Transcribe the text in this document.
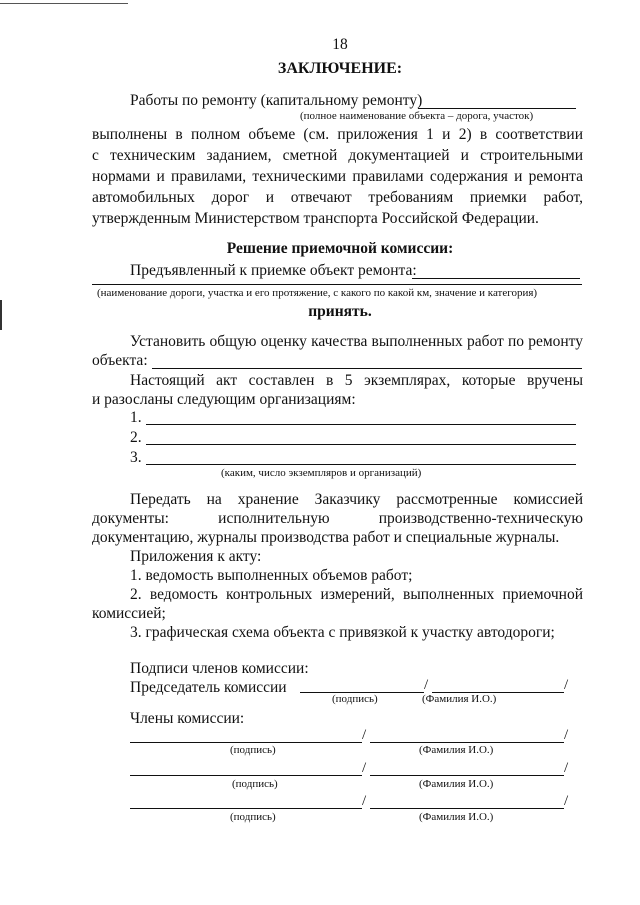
18
ЗАКЛЮЧЕНИЕ:
Работы по ремонту (капитальному ремонту)
(полное наименование объекта – дорога, участок)
выполнены в полном объеме (см. приложения 1 и 2) в соответствии
с техническим заданием, сметной документацией и строительными
нормами и правилами, техническими правилами содержания и ремонта
автомобильных дорог и отвечают требованиям приемки работ,
утвержденным Министерством транспорта Российской Федерации.
Решение приемочной комиссии:
Предъявленный к приемке объект ремонта:
(наименование дороги, участка и его протяжение, с какого по какой км, значение и категория)
принять.
Установить общую оценку качества выполненных работ по ремонту
объекта:
Настоящий акт составлен в 5 экземплярах, которые вручены
и разосланы следующим организациям:
1.
2.
3.
(каким, число экземпляров и организаций)
Передать на хранение Заказчику рассмотренные комиссией
документы: исполнительную производственно-техническую
документацию, журналы производства работ и специальные журналы.
Приложения к акту:
1. ведомость выполненных объемов работ;
2. ведомость контрольных измерений, выполненных приемочной
комиссией;
3. графическая схема объекта с привязкой к участку автодороги;
Подписи членов комиссии:
Председатель комиссии	/	/
(подпись)	(Фамилия И.О.)
Члены комиссии:
/	/
(подпись)	(Фамилия И.О.)
/	/
(подпись)	(Фамилия И.О.)
/	/
(подпись)	(Фамилия И.О.)
